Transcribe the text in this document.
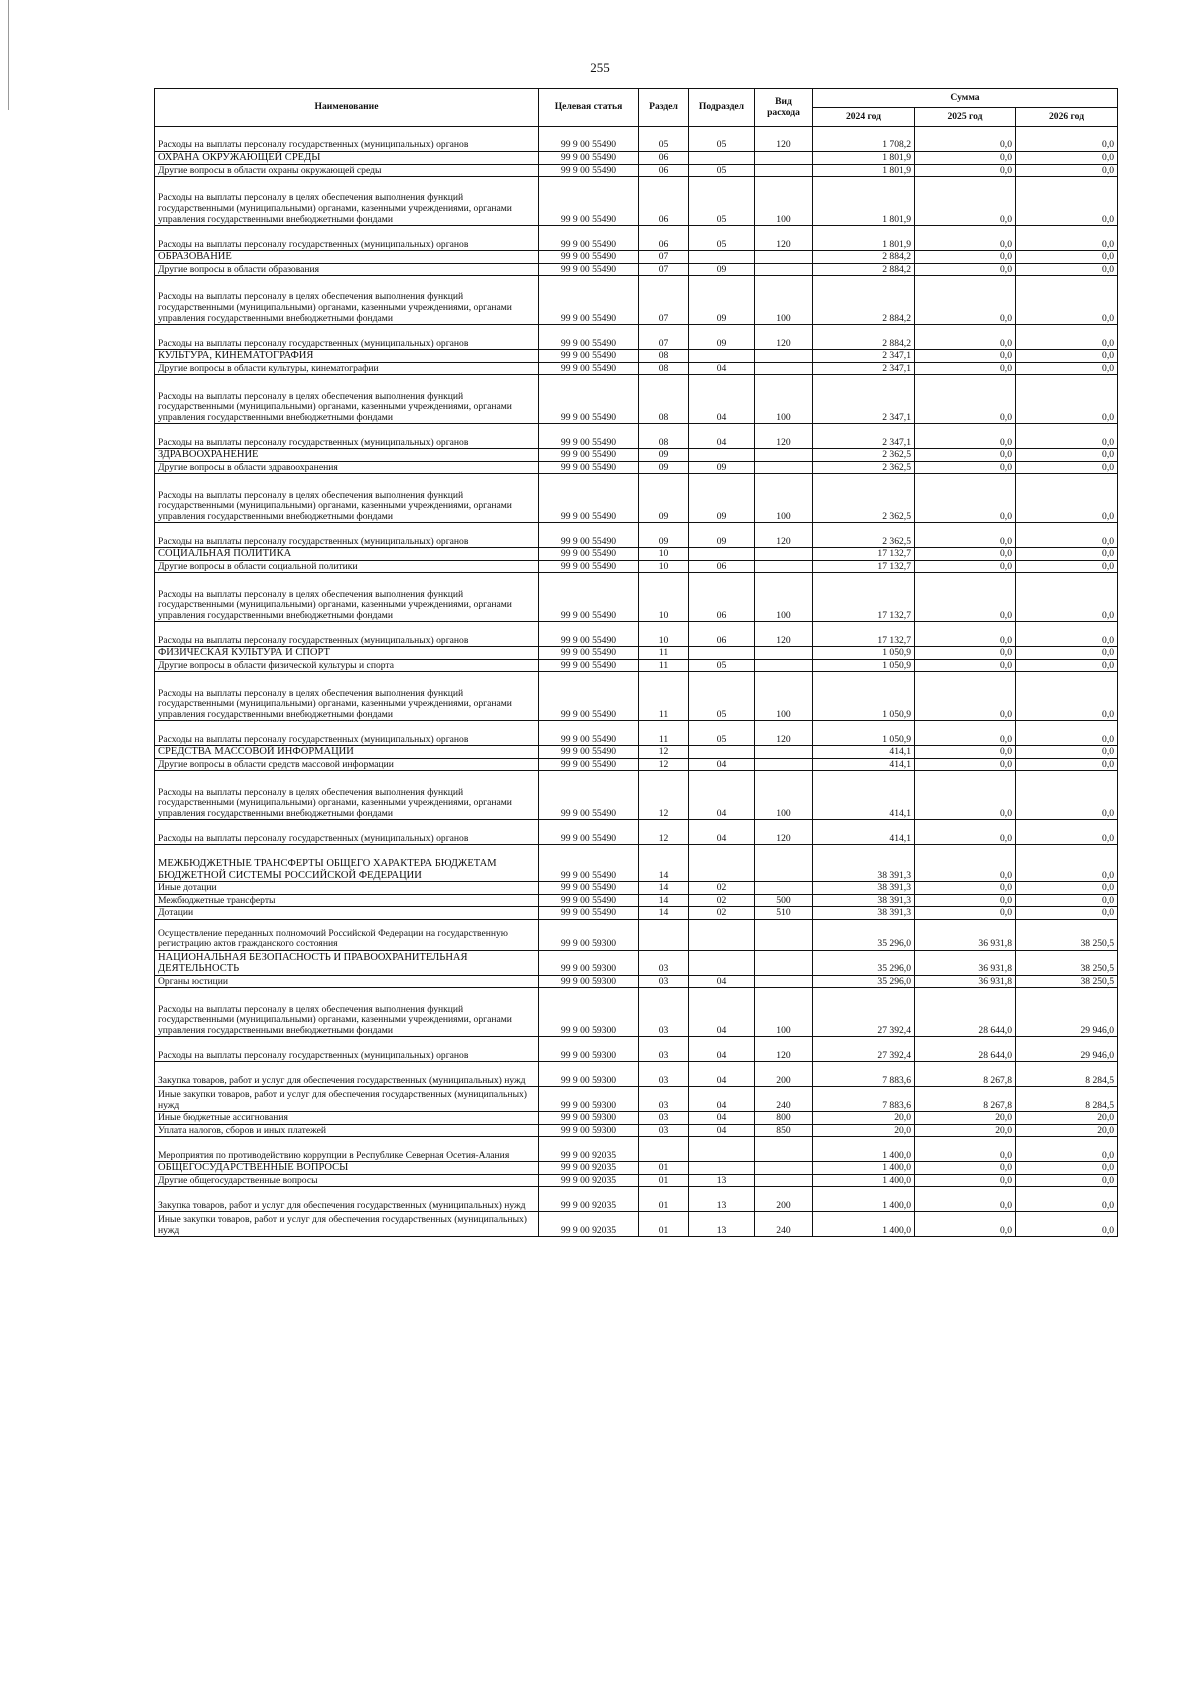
255
Наименование	Целевая статья	Раздел	Подраздел	Вид расхода	Сумма		
					2024 год	2025 год	2026 год
Расходы на выплаты персоналу государственных (муниципальных) органов	99 9 00 55490	05	05	120	1 708,2	0,0	0,0
ОХРАНА ОКРУЖАЮЩЕЙ СРЕДЫ	99 9 00 55490	06			1 801,9	0,0	0,0
Другие вопросы в области охраны окружающей среды	99 9 00 55490	06	05		1 801,9	0,0	0,0
Расходы на выплаты персоналу в целях обеспечения выполнения функций государственными (муниципальными) органами, казенными учреждениями, органами управления государственными внебюджетными фондами	99 9 00 55490	06	05	100	1 801,9	0,0	0,0
Расходы на выплаты персоналу государственных (муниципальных) органов	99 9 00 55490	06	05	120	1 801,9	0,0	0,0
ОБРАЗОВАНИЕ	99 9 00 55490	07			2 884,2	0,0	0,0
Другие вопросы в области образования	99 9 00 55490	07	09		2 884,2	0,0	0,0
Расходы на выплаты персоналу в целях обеспечения выполнения функций государственными (муниципальными) органами, казенными учреждениями, органами управления государственными внебюджетными фондами	99 9 00 55490	07	09	100	2 884,2	0,0	0,0
Расходы на выплаты персоналу государственных (муниципальных) органов	99 9 00 55490	07	09	120	2 884,2	0,0	0,0
КУЛЬТУРА, КИНЕМАТОГРАФИЯ	99 9 00 55490	08			2 347,1	0,0	0,0
Другие вопросы в области культуры, кинематографии	99 9 00 55490	08	04		2 347,1	0,0	0,0
Расходы на выплаты персоналу в целях обеспечения выполнения функций государственными (муниципальными) органами, казенными учреждениями, органами управления государственными внебюджетными фондами	99 9 00 55490	08	04	100	2 347,1	0,0	0,0
Расходы на выплаты персоналу государственных (муниципальных) органов	99 9 00 55490	08	04	120	2 347,1	0,0	0,0
ЗДРАВООХРАНЕНИЕ	99 9 00 55490	09			2 362,5	0,0	0,0
Другие вопросы в области здравоохранения	99 9 00 55490	09	09		2 362,5	0,0	0,0
Расходы на выплаты персоналу в целях обеспечения выполнения функций государственными (муниципальными) органами, казенными учреждениями, органами управления государственными внебюджетными фондами	99 9 00 55490	09	09	100	2 362,5	0,0	0,0
Расходы на выплаты персоналу государственных (муниципальных) органов	99 9 00 55490	09	09	120	2 362,5	0,0	0,0
СОЦИАЛЬНАЯ ПОЛИТИКА	99 9 00 55490	10			17 132,7	0,0	0,0
Другие вопросы в области социальной политики	99 9 00 55490	10	06		17 132,7	0,0	0,0
Расходы на выплаты персоналу в целях обеспечения выполнения функций государственными (муниципальными) органами, казенными учреждениями, органами управления государственными внебюджетными фондами	99 9 00 55490	10	06	100	17 132,7	0,0	0,0
Расходы на выплаты персоналу государственных (муниципальных) органов	99 9 00 55490	10	06	120	17 132,7	0,0	0,0
ФИЗИЧЕСКАЯ КУЛЬТУРА И СПОРТ	99 9 00 55490	11			1 050,9	0,0	0,0
Другие вопросы в области физической культуры и спорта	99 9 00 55490	11	05		1 050,9	0,0	0,0
Расходы на выплаты персоналу в целях обеспечения выполнения функций государственными (муниципальными) органами, казенными учреждениями, органами управления государственными внебюджетными фондами	99 9 00 55490	11	05	100	1 050,9	0,0	0,0
Расходы на выплаты персоналу государственных (муниципальных) органов	99 9 00 55490	11	05	120	1 050,9	0,0	0,0
СРЕДСТВА МАССОВОЙ ИНФОРМАЦИИ	99 9 00 55490	12			414,1	0,0	0,0
Другие вопросы в области средств массовой информации	99 9 00 55490	12	04		414,1	0,0	0,0
Расходы на выплаты персоналу в целях обеспечения выполнения функций государственными (муниципальными) органами, казенными учреждениями, органами управления государственными внебюджетными фондами	99 9 00 55490	12	04	100	414,1	0,0	0,0
Расходы на выплаты персоналу государственных (муниципальных) органов	99 9 00 55490	12	04	120	414,1	0,0	0,0
МЕЖБЮДЖЕТНЫЕ ТРАНСФЕРТЫ ОБЩЕГО ХАРАКТЕРА БЮДЖЕТАМ БЮДЖЕТНОЙ СИСТЕМЫ РОССИЙСКОЙ ФЕДЕРАЦИИ	99 9 00 55490	14			38 391,3	0,0	0,0
Иные дотации	99 9 00 55490	14	02		38 391,3	0,0	0,0
Межбюджетные трансферты	99 9 00 55490	14	02	500	38 391,3	0,0	0,0
Дотации	99 9 00 55490	14	02	510	38 391,3	0,0	0,0
Осуществление переданных полномочий Российской Федерации на государственную регистрацию актов гражданского состояния	99 9 00 59300				35 296,0	36 931,8	38 250,5
НАЦИОНАЛЬНАЯ БЕЗОПАСНОСТЬ И ПРАВООХРАНИТЕЛЬНАЯ ДЕЯТЕЛЬНОСТЬ	99 9 00 59300	03			35 296,0	36 931,8	38 250,5
Органы юстиции	99 9 00 59300	03	04		35 296,0	36 931,8	38 250,5
Расходы на выплаты персоналу в целях обеспечения выполнения функций государственными (муниципальными) органами, казенными учреждениями, органами управления государственными внебюджетными фондами	99 9 00 59300	03	04	100	27 392,4	28 644,0	29 946,0
Расходы на выплаты персоналу государственных (муниципальных) органов	99 9 00 59300	03	04	120	27 392,4	28 644,0	29 946,0
Закупка товаров, работ и услуг для обеспечения государственных (муниципальных) нужд	99 9 00 59300	03	04	200	7 883,6	8 267,8	8 284,5
Иные закупки товаров, работ и услуг для обеспечения государственных (муниципальных) нужд	99 9 00 59300	03	04	240	7 883,6	8 267,8	8 284,5
Иные бюджетные ассигнования	99 9 00 59300	03	04	800	20,0	20,0	20,0
Уплата налогов, сборов и иных платежей	99 9 00 59300	03	04	850	20,0	20,0	20,0
Мероприятия по противодействию коррупции в Республике Северная Осетия-Алания	99 9 00 92035				1 400,0	0,0	0,0
ОБЩЕГОСУДАРСТВЕННЫЕ ВОПРОСЫ	99 9 00 92035	01			1 400,0	0,0	0,0
Другие общегосударственные вопросы	99 9 00 92035	01	13		1 400,0	0,0	0,0
Закупка товаров, работ и услуг для обеспечения государственных (муниципальных) нужд	99 9 00 92035	01	13	200	1 400,0	0,0	0,0
Иные закупки товаров, работ и услуг для обеспечения государственных (муниципальных) нужд	99 9 00 92035	01	13	240	1 400,0	0,0	0,0
